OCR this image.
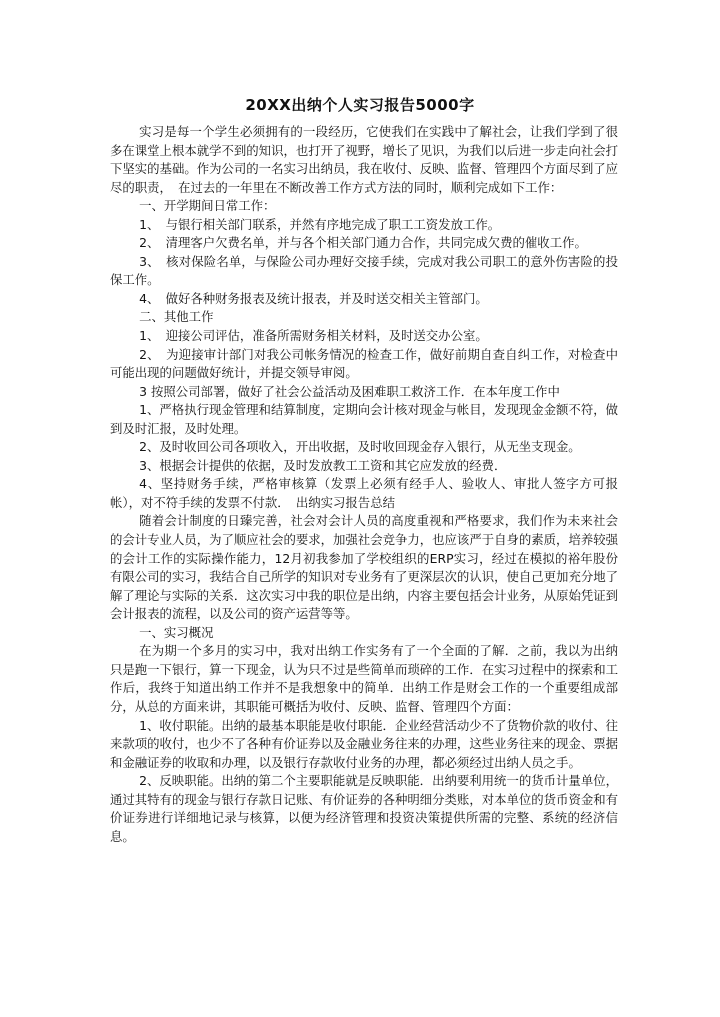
20XX出纳个人实习报告5000字

实习是每一个学生必须拥有的一段经历，它使我们在实践中了解社会，让我们学到了很多在课堂上根本就学不到的知识，也打开了视野，增长了见识，为我们以后进一步走向社会打下坚实的基础。作为公司的一名实习出纳员，我在收付、反映、监督、管理四个方面尽到了应尽的职责，　在过去的一年里在不断改善工作方式方法的同时，顺利完成如下工作：

一、开学期间日常工作：

1、　与银行相关部门联系，并然有序地完成了职工工资发放工作。

2、　清理客户欠费名单，并与各个相关部门通力合作，共同完成欠费的催收工作。

3、　核对保险名单，与保险公司办理好交接手续，完成对我公司职工的意外伤害险的投保工作。

4、　做好各种财务报表及统计报表，并及时送交相关主管部门。

二、其他工作

1、　迎接公司评估，准备所需财务相关材料，及时送交办公室。

2、　为迎接审计部门对我公司帐务情况的检查工作，做好前期自查自纠工作，对检查中可能出现的问题做好统计，并提交领导审阅。

3 按照公司部署，做好了社会公益活动及困难职工救济工作．在本年度工作中

1、严格执行现金管理和结算制度，定期向会计核对现金与帐目，发现现金金额不符，做到及时汇报，及时处理。

2、及时收回公司各项收入，开出收据，及时收回现金存入银行，从无坐支现金。

3、根据会计提供的依据，及时发放教工工资和其它应发放的经费．

4、坚持财务手续，严格审核算（发票上必须有经手人、验收人、审批人签字方可报帐），对不符手续的发票不付款．　出纳实习报告总结

随着会计制度的日臻完善，社会对会计人员的高度重视和严格要求，我们作为未来社会的会计专业人员，为了顺应社会的要求，加强社会竞争力，也应该严于自身的素质，培养较强的会计工作的实际操作能力，12月初我参加了学校组织的ERP实习，经过在模拟的裕年股份有限公司的实习，我结合自己所学的知识对专业务有了更深层次的认识，使自己更加充分地了解了理论与实际的关系．这次实习中我的职位是出纳，内容主要包括会计业务，从原始凭证到会计报表的流程，以及公司的资产运营等等。

一、实习概况

在为期一个多月的实习中，我对出纳工作实务有了一个全面的了解．之前，我以为出纳只是跑一下银行，算一下现金，认为只不过是些简单而琐碎的工作．在实习过程中的探索和工作后，我终于知道出纳工作并不是我想象中的简单．出纳工作是财会工作的一个重要组成部分，从总的方面来讲，其职能可概括为收付、反映、监督、管理四个方面：

1、收付职能。出纳的最基本职能是收付职能．企业经营活动少不了货物价款的收付、往来款项的收付，也少不了各种有价证券以及金融业务往来的办理，这些业务往来的现金、票据和金融证券的收取和办理，以及银行存款收付业务的办理，都必须经过出纳人员之手。

2、反映职能。出纳的第二个主要职能就是反映职能．出纳要利用统一的货币计量单位，通过其特有的现金与银行存款日记账、有价证券的各种明细分类账，对本单位的货币资金和有价证券进行详细地记录与核算，以便为经济管理和投资决策提供所需的完整、系统的经济信息。
